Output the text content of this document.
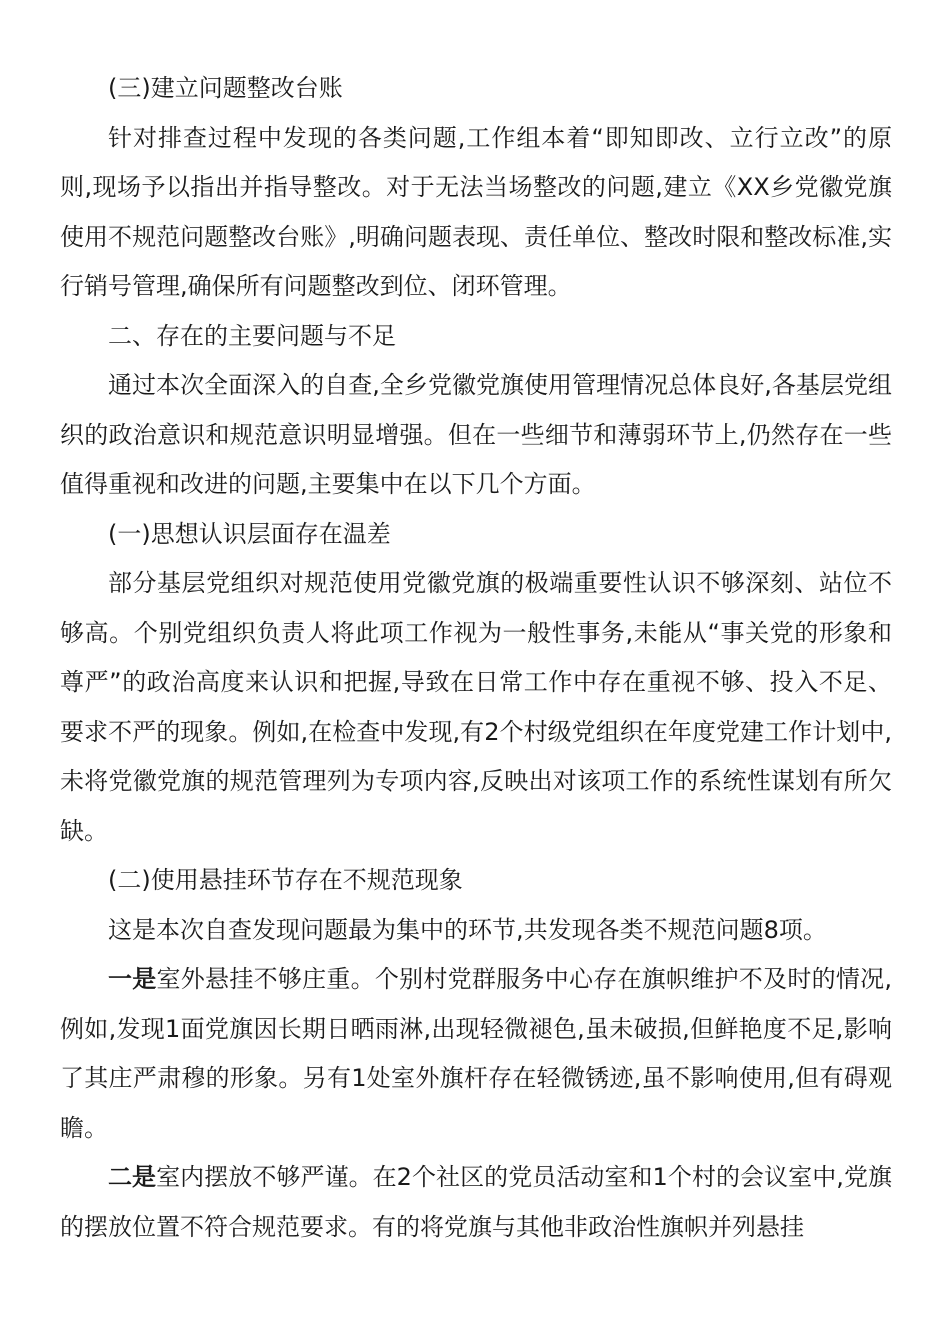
(三)建立问题整改台账

针对排查过程中发现的各类问题,工作组本着“即知即改、立行立改”的原则,现场予以指出并指导整改。对于无法当场整改的问题,建立《XX乡党徽党旗使用不规范问题整改台账》,明确问题表现、责任单位、整改时限和整改标准,实行销号管理,确保所有问题整改到位、闭环管理。

二、存在的主要问题与不足

通过本次全面深入的自查,全乡党徽党旗使用管理情况总体良好,各基层党组织的政治意识和规范意识明显增强。但在一些细节和薄弱环节上,仍然存在一些值得重视和改进的问题,主要集中在以下几个方面。

(一)思想认识层面存在温差

部分基层党组织对规范使用党徽党旗的极端重要性认识不够深刻、站位不够高。个别党组织负责人将此项工作视为一般性事务,未能从“事关党的形象和尊严”的政治高度来认识和把握,导致在日常工作中存在重视不够、投入不足、要求不严的现象。例如,在检查中发现,有2个村级党组织在年度党建工作计划中,未将党徽党旗的规范管理列为专项内容,反映出对该项工作的系统性谋划有所欠缺。

(二)使用悬挂环节存在不规范现象

这是本次自查发现问题最为集中的环节,共发现各类不规范问题8项。

一是室外悬挂不够庄重。个别村党群服务中心存在旗帜维护不及时的情况,例如,发现1面党旗因长期日晒雨淋,出现轻微褪色,虽未破损,但鲜艳度不足,影响了其庄严肃穆的形象。另有1处室外旗杆存在轻微锈迹,虽不影响使用,但有碍观瞻。

二是室内摆放不够严谨。在2个社区的党员活动室和1个村的会议室中,党旗的摆放位置不符合规范要求。有的将党旗与其他非政治性旗帜并列悬挂
